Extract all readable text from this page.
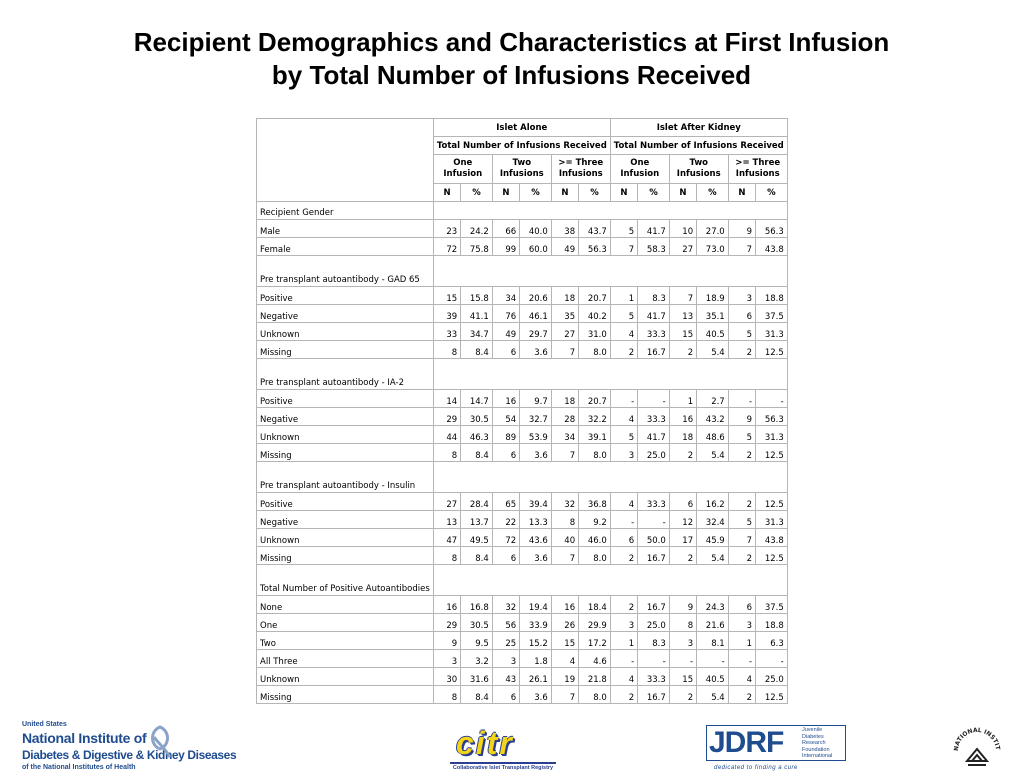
Recipient Demographics and Characteristics at First Infusion
by Total Number of Infusions Received
	Islet Alone						Islet After Kidney					
	Total Number of Infusions Received						Total Number of Infusions Received					
	One Infusion		Two Infusions		>= Three Infusions		One Infusion		Two Infusions		>= Three Infusions	
	N	%	N	%	N	%	N	%	N	%	N	%
Recipient Gender												
Male	23	24.2	66	40.0	38	43.7	5	41.7	10	27.0	9	56.3
Female	72	75.8	99	60.0	49	56.3	7	58.3	27	73.0	7	43.8
Pre transplant autoantibody - GAD 65												
Positive	15	15.8	34	20.6	18	20.7	1	8.3	7	18.9	3	18.8
Negative	39	41.1	76	46.1	35	40.2	5	41.7	13	35.1	6	37.5
Unknown	33	34.7	49	29.7	27	31.0	4	33.3	15	40.5	5	31.3
Missing	8	8.4	6	3.6	7	8.0	2	16.7	2	5.4	2	12.5
Pre transplant autoantibody - IA-2												
Positive	14	14.7	16	9.7	18	20.7	-	-	1	2.7	-	-
Negative	29	30.5	54	32.7	28	32.2	4	33.3	16	43.2	9	56.3
Unknown	44	46.3	89	53.9	34	39.1	5	41.7	18	48.6	5	31.3
Missing	8	8.4	6	3.6	7	8.0	3	25.0	2	5.4	2	12.5
Pre transplant autoantibody - Insulin												
Positive	27	28.4	65	39.4	32	36.8	4	33.3	6	16.2	2	12.5
Negative	13	13.7	22	13.3	8	9.2	-	-	12	32.4	5	31.3
Unknown	47	49.5	72	43.6	40	46.0	6	50.0	17	45.9	7	43.8
Missing	8	8.4	6	3.6	7	8.0	2	16.7	2	5.4	2	12.5
Total Number of Positive Autoantibodies												
None	16	16.8	32	19.4	16	18.4	2	16.7	9	24.3	6	37.5
One	29	30.5	56	33.9	26	29.9	3	25.0	8	21.6	3	18.8
Two	9	9.5	25	15.2	15	17.2	1	8.3	3	8.1	1	6.3
All Three	3	3.2	3	1.8	4	4.6	-	-	-	-	-	-
Unknown	30	31.6	43	26.1	19	21.8	4	33.3	15	40.5	4	25.0
Missing	8	8.4	6	3.6	7	8.0	2	16.7	2	5.4	2	12.5
United States
National Institute of
Diabetes & Digestive & Kidney Diseases
of the National Institutes of Health
citr
Collaborative Islet Transplant Registry
JDRF	Juvenile
Diabetes
Research
Foundation
International
dedicated to finding a cure
NATIONAL INSTIT
